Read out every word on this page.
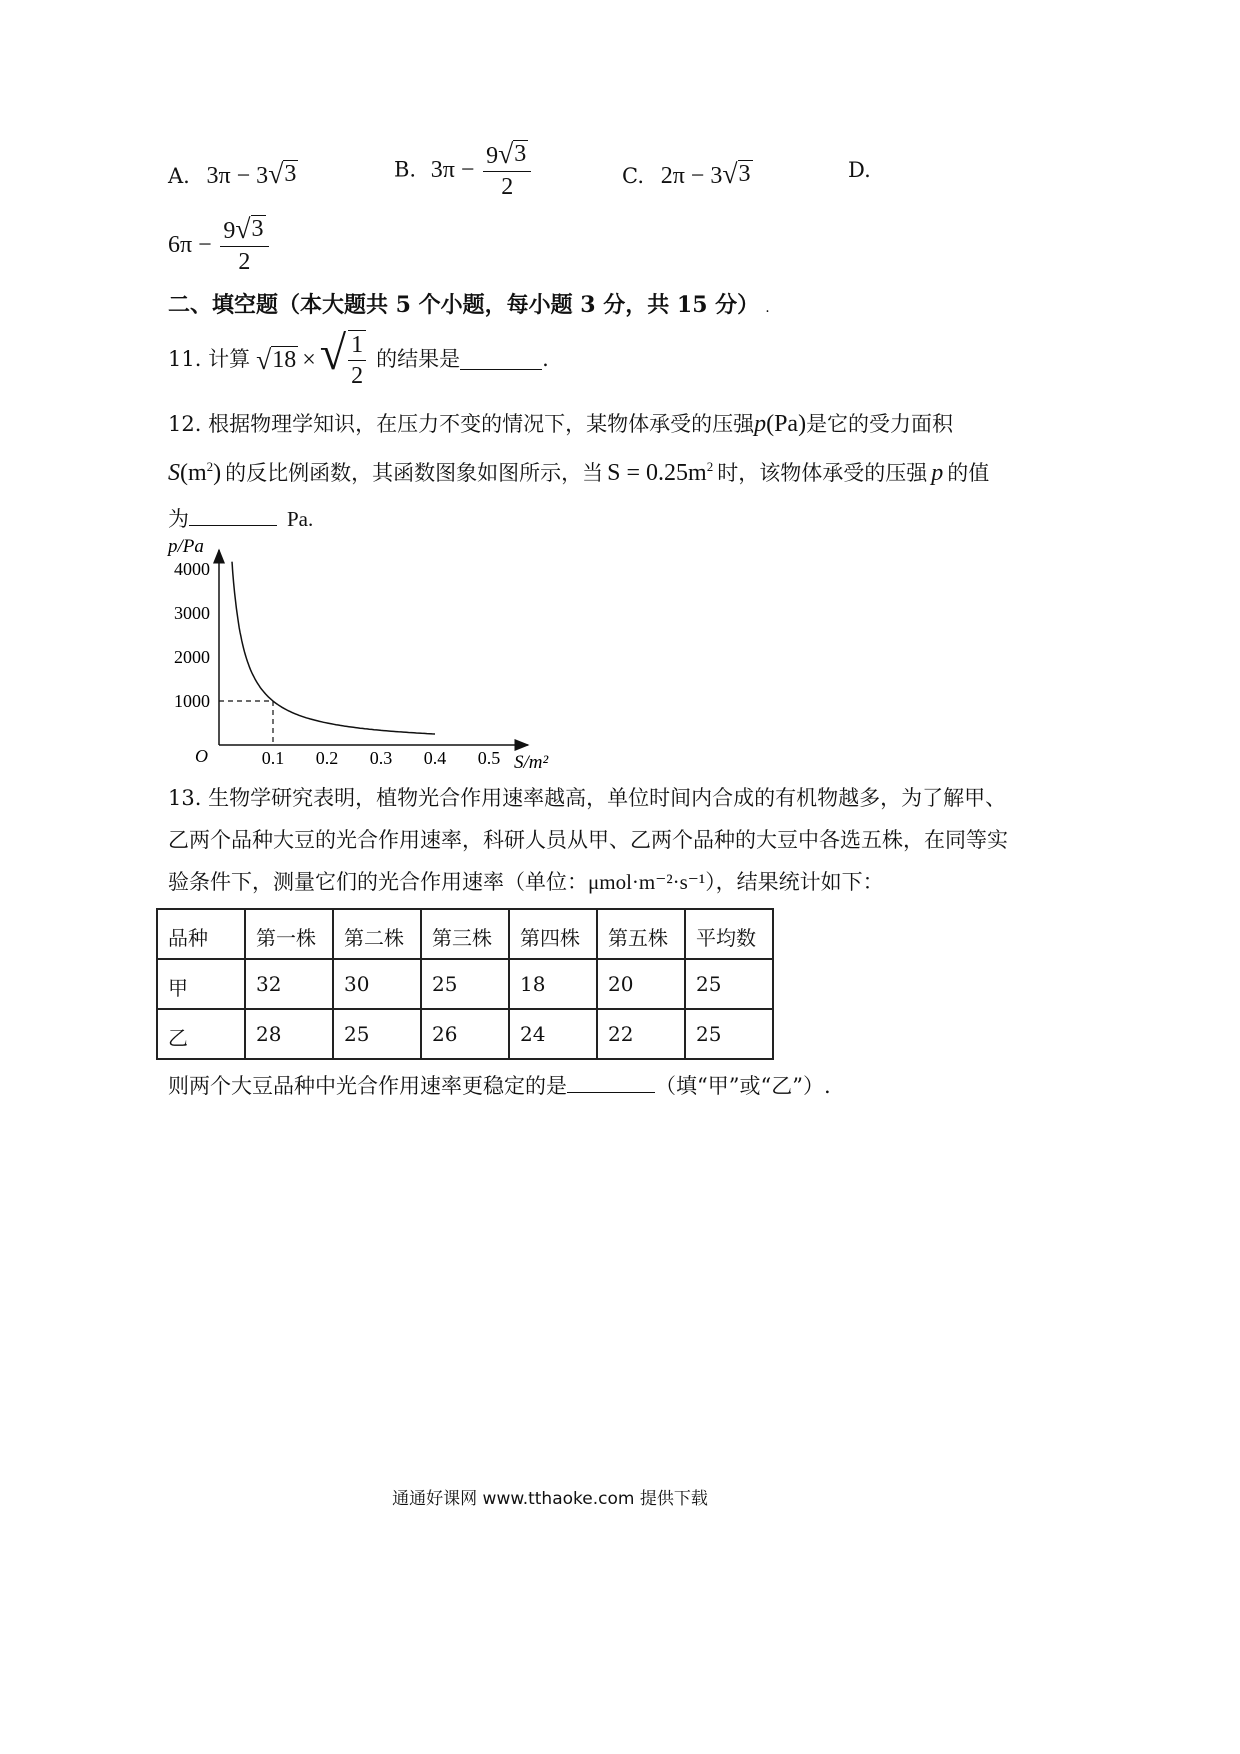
A. 3π − 3 √ 3	B. $3\pi - \frac{9 √ 3}{2}$	C. 2π − 3 √ 3	D.
$6\pi - \frac{9 √ 3}{2}$
二、填空题（本大题共 5 个小题，每小题 3 分，共 15 分） .
11. 计算 √ 18 × √ $\frac{1}{2}$ 的结果是	.
12. 根据物理学知识，在压力不变的情况下，某物体承受的压强p(Pa)是它的受力面积
$S(m^2)$ 的反比例函数，其函数图象如图所示，当 $S = 0.25m^2$ 时，该物体承受的压强 p 的值
为	Pa.
p/Pa
S/m²
O
4000
3000
2000
1000
0.1 0.2 0.3 0.4 0.5
13. 生物学研究表明，植物光合作用速率越高，单位时间内合成的有机物越多，为了解甲、
乙两个品种大豆的光合作用速率，科研人员从甲、乙两个品种的大豆中各选五株，在同等实
验条件下，测量它们的光合作用速率（单位：μmol·m⁻²·s⁻¹），结果统计如下：
品种	第一株	第二株	第三株	第四株	第五株	平均数
甲	32	30	25	18	20	25
乙	28	25	26	24	22	25
则两个大豆品种中光合作用速率更稳定的是	（填“甲”或“乙”）.
通通好课网 www.tthaoke.com 提供下载
